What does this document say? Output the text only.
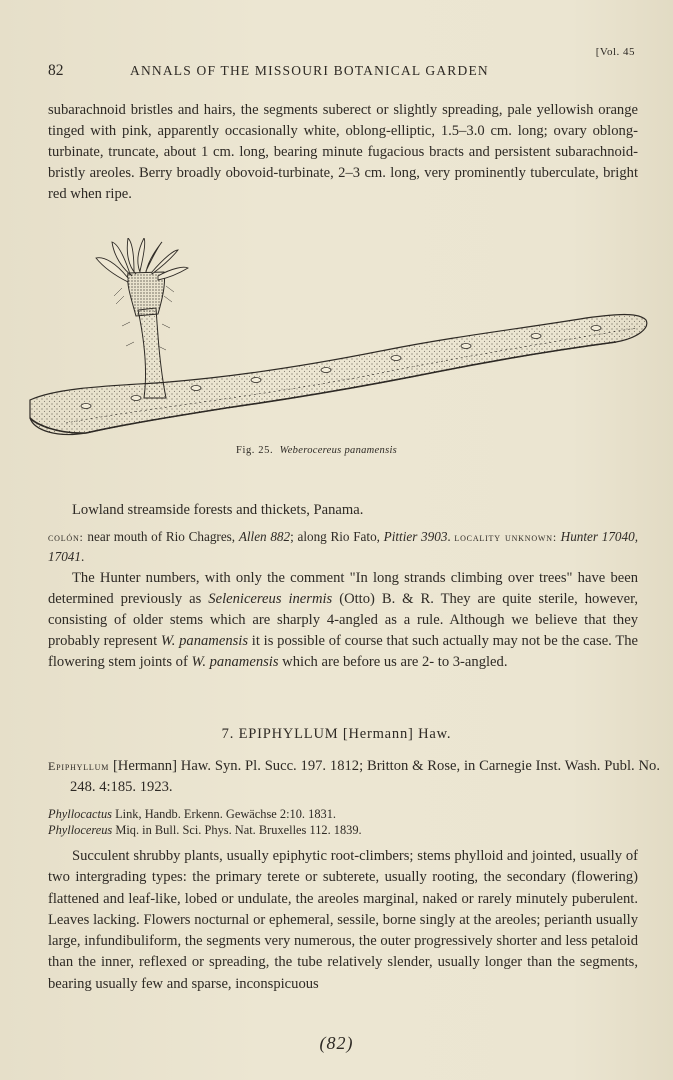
[Vol. 45
82	ANNALS OF THE MISSOURI BOTANICAL GARDEN
subarachnoid bristles and hairs, the segments suberect or slightly spreading, pale yellowish orange tinged with pink, apparently occasionally white, oblong-elliptic, 1.5–3.0 cm. long; ovary oblong-turbinate, truncate, about 1 cm. long, bearing minute fugacious bracts and persistent subarachnoid-bristly areoles. Berry broadly obovoid-turbinate, 2–3 cm. long, very prominently tuberculate, bright red when ripe.
Fig. 25. Weberocereus panamensis
Lowland streamside forests and thickets, Panama.
colón: near mouth of Rio Chagres, Allen 882; along Rio Fato, Pittier 3903. locality unknown: Hunter 17040, 17041.
The Hunter numbers, with only the comment "In long strands climbing over trees" have been determined previously as Selenicereus inermis (Otto) B. & R. They are quite sterile, however, consisting of older stems which are sharply 4-angled as a rule. Although we believe that they probably represent W. panamensis it is possible of course that such actually may not be the case. The flowering stem joints of W. panamensis which are before us are 2- to 3-angled.
7. EPIPHYLLUM [Hermann] Haw.
Epiphyllum [Hermann] Haw. Syn. Pl. Succ. 197. 1812; Britton & Rose, in Carnegie Inst. Wash. Publ. No. 248. 4:185. 1923.
Phyllocactus Link, Handb. Erkenn. Gewächse 2:10. 1831.
Phyllocereus Miq. in Bull. Sci. Phys. Nat. Bruxelles 112. 1839.
Succulent shrubby plants, usually epiphytic root-climbers; stems phylloid and jointed, usually of two intergrading types: the primary terete or subterete, usually rooting, the secondary (flowering) flattened and leaf-like, lobed or undulate, the areoles marginal, naked or rarely minutely puberulent. Leaves lacking. Flowers nocturnal or ephemeral, sessile, borne singly at the areoles; perianth usually large, infundibuliform, the segments very numerous, the outer progressively shorter and less petaloid than the inner, reflexed or spreading, the tube relatively slender, usually longer than the segments, bearing usually few and sparse, inconspicuous
(82)
